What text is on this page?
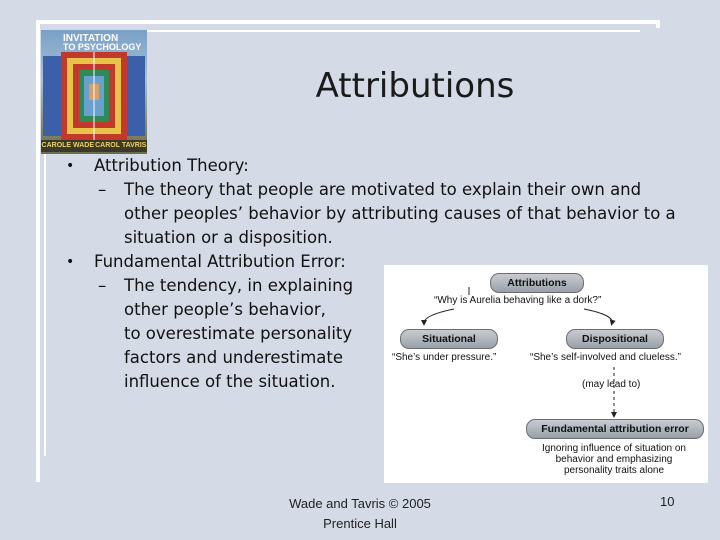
INVITATION
TO PSYCHOLOGY
CAROLE WADE CAROL TAVRIS
Attributions
• Attribution Theory:
– The theory that people are motivated to explain their own and other peoples’ behavior by attributing causes of that behavior to a situation or a disposition.
• Fundamental Attribution Error:
– The tendency, in explaining
other people’s behavior,
to overestimate personality
factors and underestimate
influence of the situation.
Attributions
“Why is Aurelia behaving like a dork?”
Situational	Dispositional
“She’s under pressure.”	“She’s self-involved and clueless.”
(may lead to)
Fundamental attribution error
Ignoring influence of situation on
behavior and emphasizing
personality traits alone
Wade and Tavris © 2005
Prentice Hall
10
